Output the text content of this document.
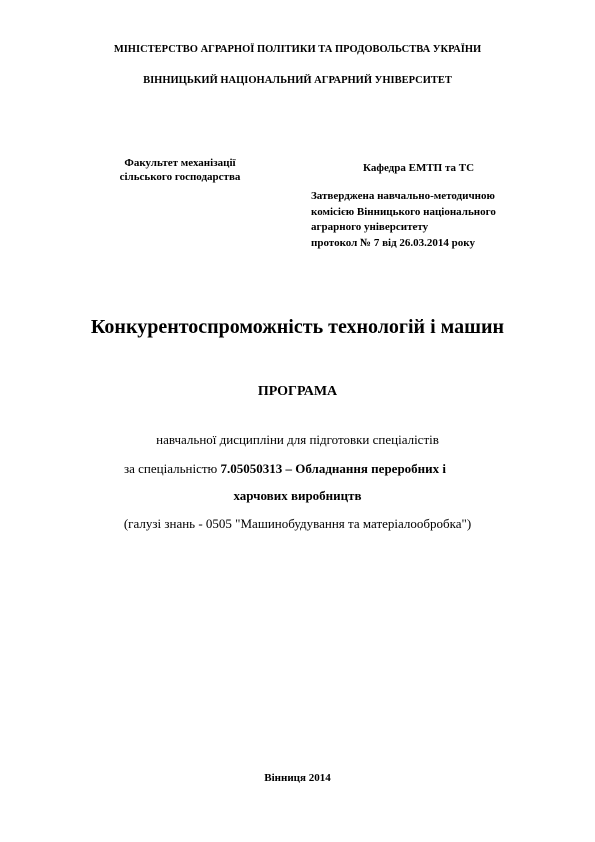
МІНІСТЕРСТВО АГРАРНОЇ ПОЛІТИКИ ТА ПРОДОВОЛЬСТВА УКРАЇНИ
ВІННИЦЬКИЙ НАЦІОНАЛЬНИЙ АГРАРНИЙ УНІВЕРСИТЕТ
Факультет механізації
сільського господарства
Кафедра ЕМТП та ТС
Затверджена навчально-методичною
комісією Вінницького національного
аграрного університету
протокол № 7 від 26.03.2014 року
Конкурентоспроможність технологій і машин
ПРОГРАМА
навчальної дисципліни для підготовки спеціалістів
за спеціальністю 7.05050313 – Обладнання переробних і
харчових виробництв
(галузі знань - 0505 "Машинобудування та матеріалообробка")
Вінниця 2014
